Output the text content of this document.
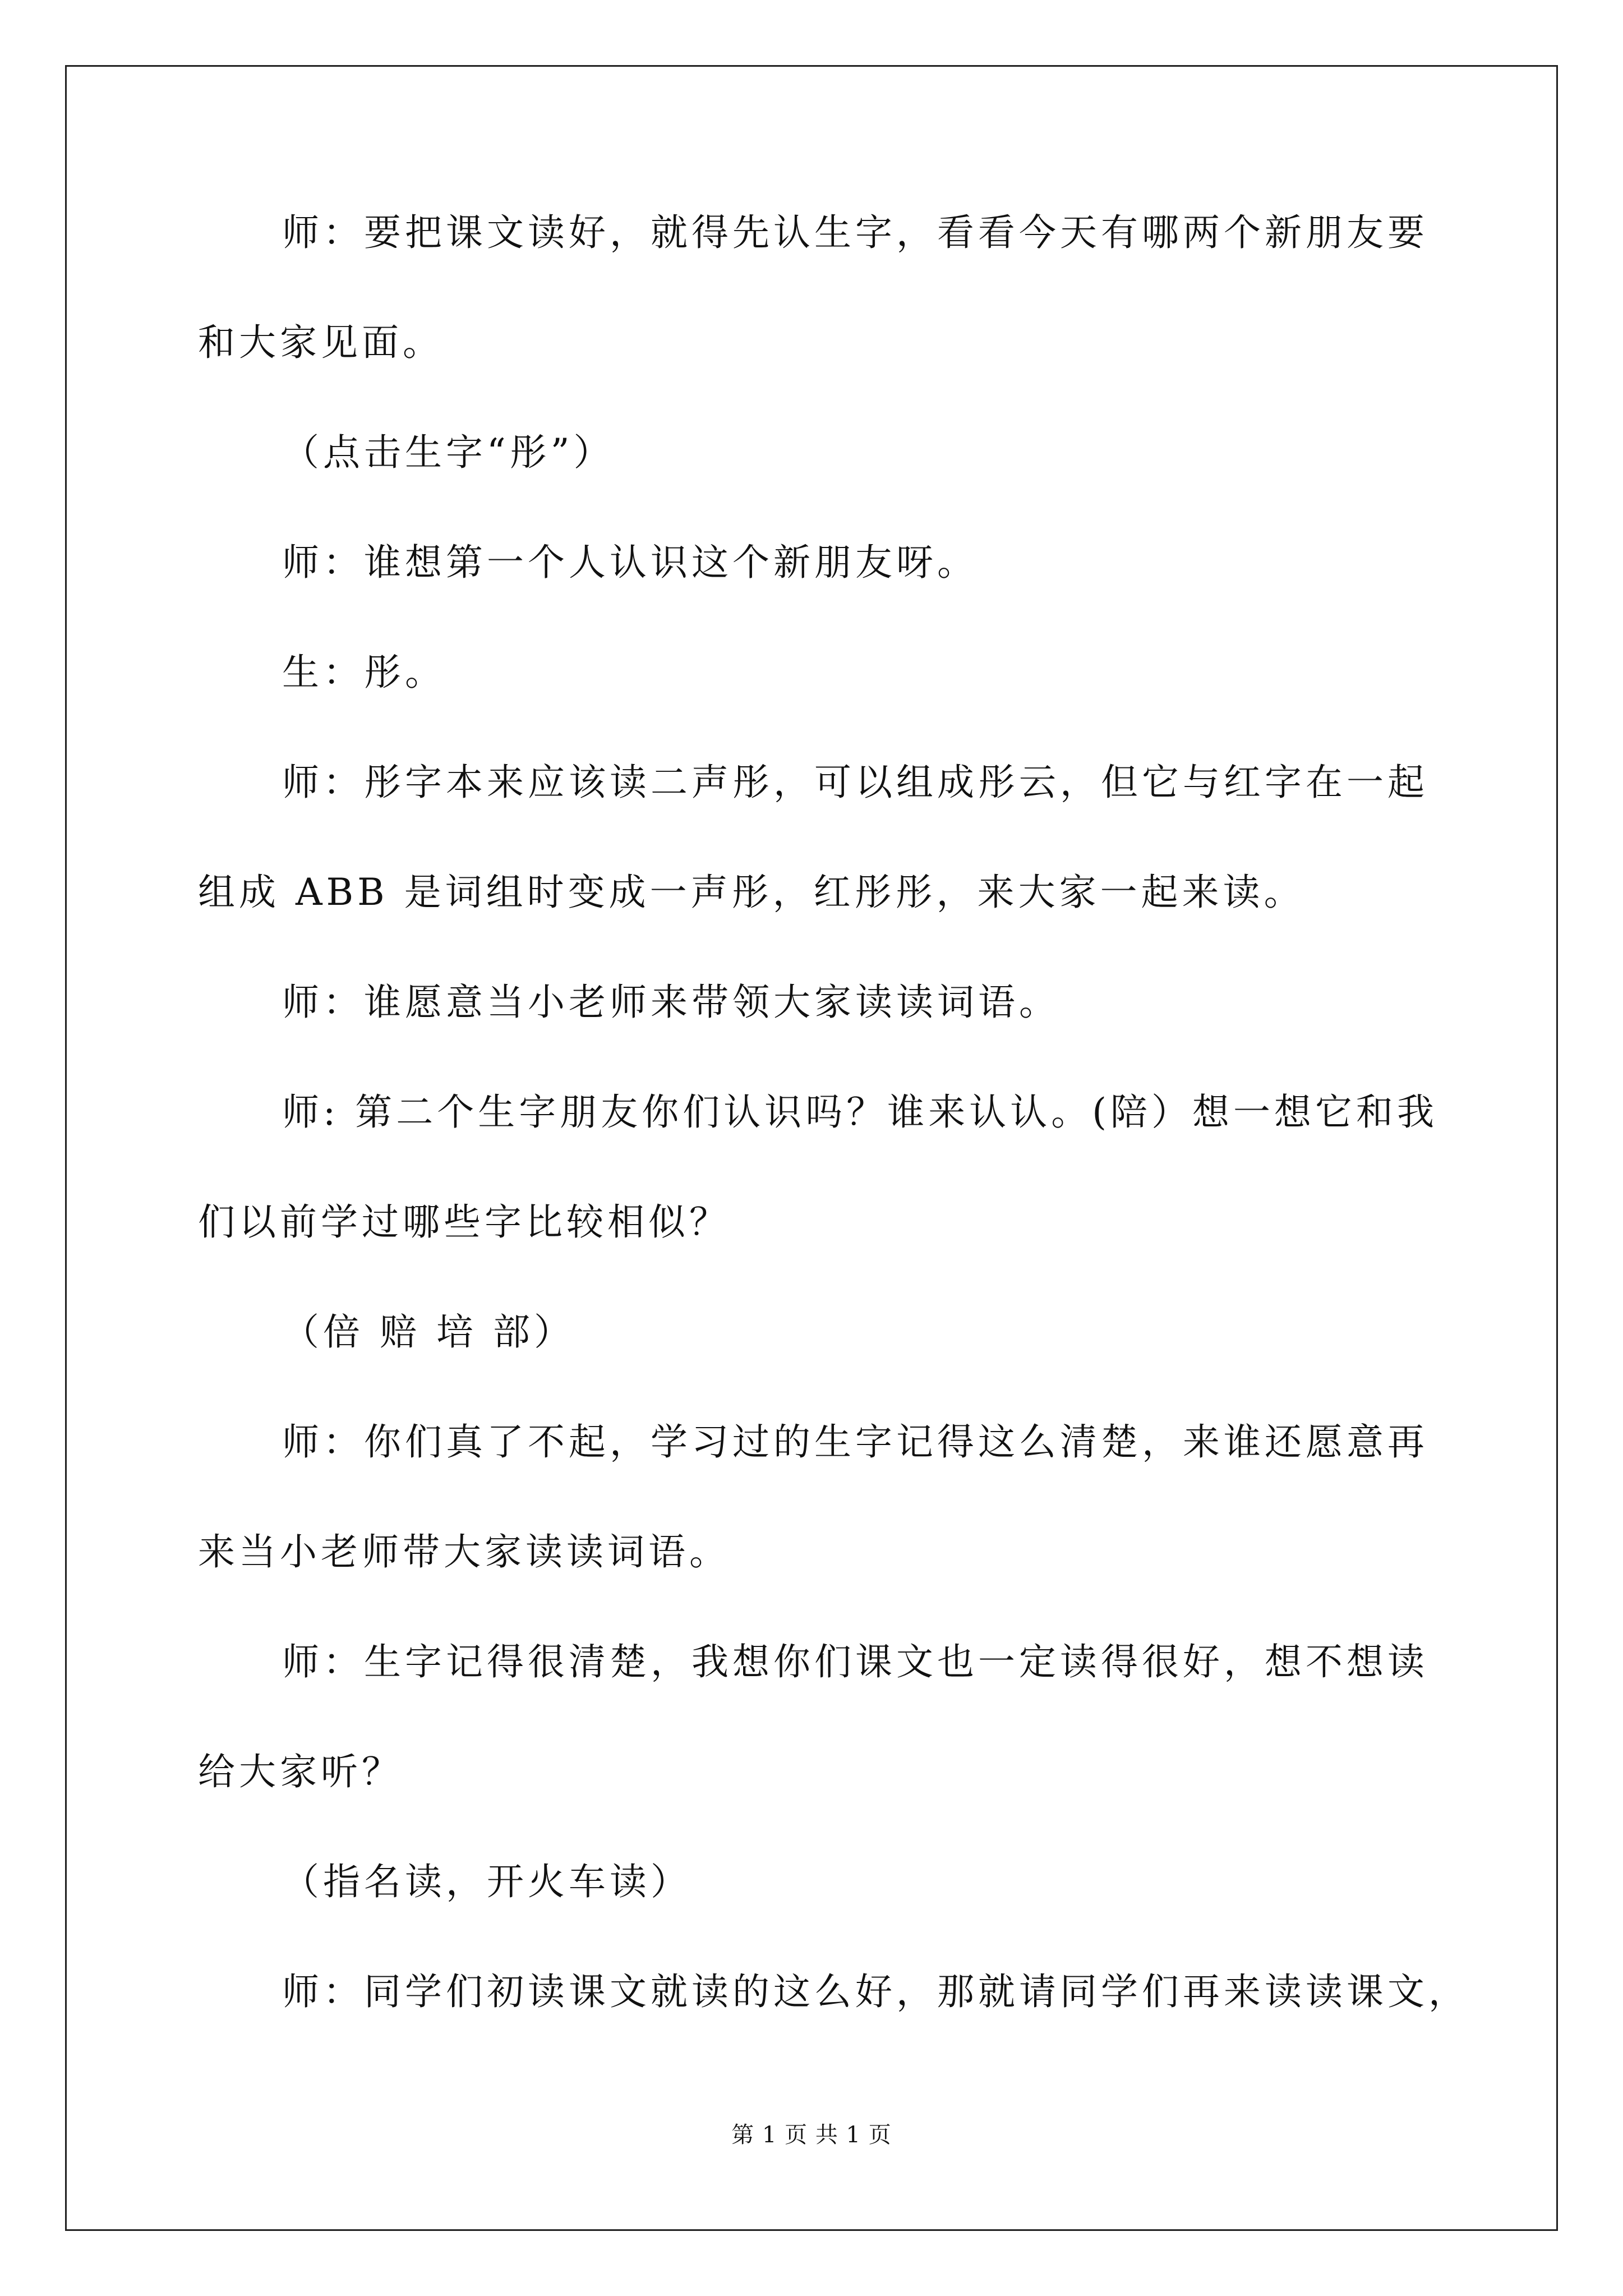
师：要把课文读好，就得先认生字，看看今天有哪两个新朋友要
和大家见面。
（点击生字“彤”）
师：谁想第一个人认识这个新朋友呀。
生：彤。
师：彤字本来应该读二声彤，可以组成彤云，但它与红字在一起
组成 ABB 是词组时变成一声彤，红彤彤，来大家一起来读。
师：谁愿意当小老师来带领大家读读词语。
师: 第二个生字朋友你们认识吗？谁来认认。(陪）想一想它和我
们以前学过哪些字比较相似？
（倍 赔 培 部）
师：你们真了不起，学习过的生字记得这么清楚，来谁还愿意再
来当小老师带大家读读词语。
师：生字记得很清楚，我想你们课文也一定读得很好，想不想读
给大家听？
（指名读，开火车读）
师：同学们初读课文就读的这么好，那就请同学们再来读读课文，
第 1 页 共 1 页
